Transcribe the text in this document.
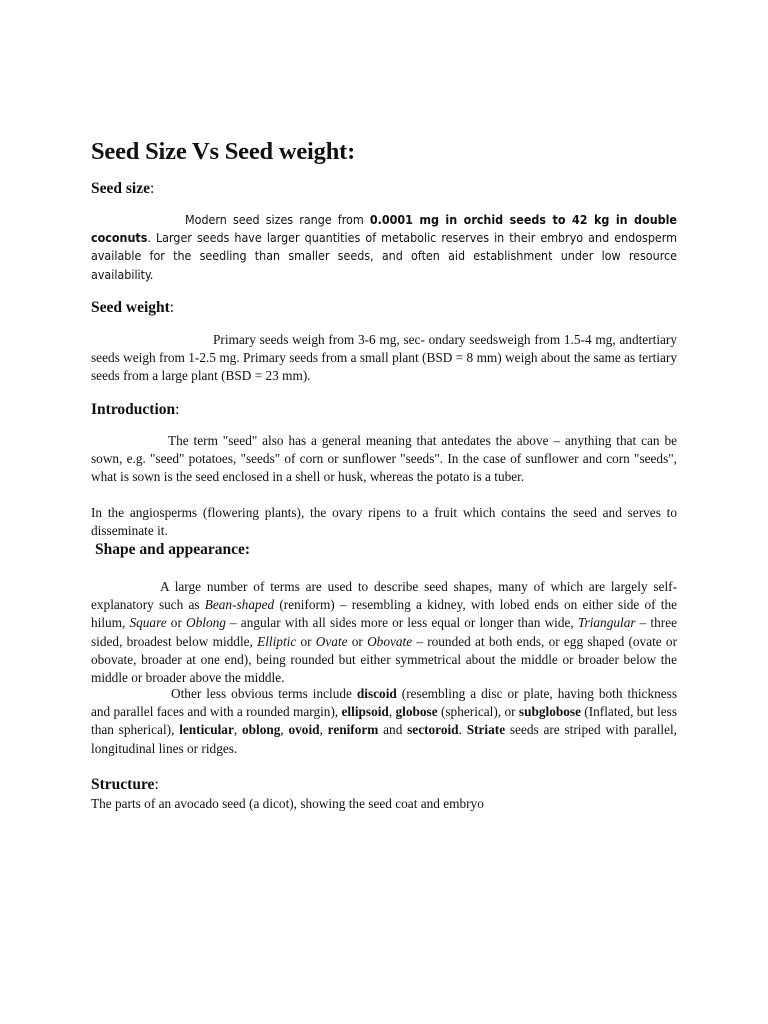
Seed Size Vs Seed weight:
Seed size:

Modern seed sizes range from 0.0001 mg in orchid seeds to 42 kg in double coconuts. Larger seeds have larger quantities of metabolic reserves in their embryo and endosperm available for the seedling than smaller seeds, and often aid establishment under low resource availability.

Seed weight:

Primary seeds weigh from 3-6 mg, sec- ondary seedsweigh from 1.5-4 mg, andtertiary seeds weigh from 1-2.5 mg. Primary seeds from a small plant (BSD = 8 mm) weigh about the same as tertiary seeds from a large plant (BSD = 23 mm).

Introduction:

The term "seed" also has a general meaning that antedates the above – anything that can be sown, e.g. "seed" potatoes, "seeds" of corn or sunflower "seeds". In the case of sunflower and corn "seeds", what is sown is the seed enclosed in a shell or husk, whereas the potato is a tuber.

In the angiosperms (flowering plants), the ovary ripens to a fruit which contains the seed and serves to disseminate it.

Shape and appearance:

A large number of terms are used to describe seed shapes, many of which are largely self-explanatory such as Bean-shaped (reniform) – resembling a kidney, with lobed ends on either side of the hilum, Square or Oblong – angular with all sides more or less equal or longer than wide, Triangular – three sided, broadest below middle, Elliptic or Ovate or Obovate – rounded at both ends, or egg shaped (ovate or obovate, broader at one end), being rounded but either symmetrical about the middle or broader below the middle or broader above the middle.

Other less obvious terms include discoid (resembling a disc or plate, having both thickness and parallel faces and with a rounded margin), ellipsoid, globose (spherical), or subglobose (Inflated, but less than spherical), lenticular, oblong, ovoid, reniform and sectoroid. Striate seeds are striped with parallel, longitudinal lines or ridges.

Structure:

The parts of an avocado seed (a dicot), showing the seed coat and embryo
